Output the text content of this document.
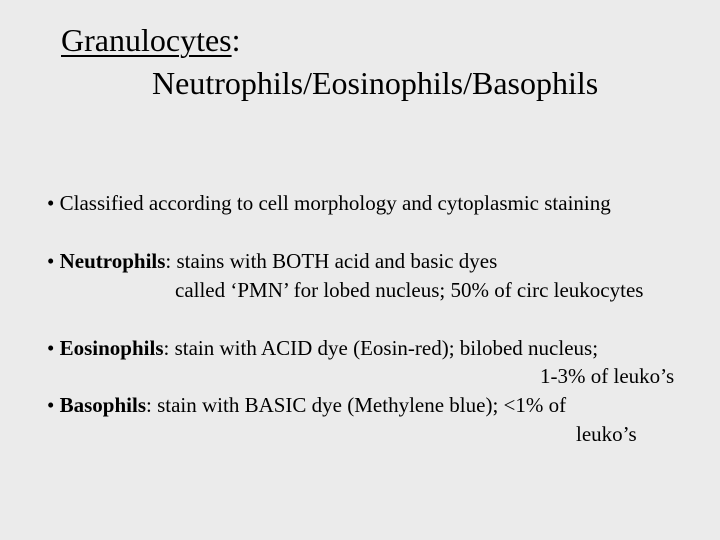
Granulocytes:
Neutrophils/Eosinophils/Basophils
• Classified according to cell morphology and cytoplasmic staining
• Neutrophils: stains with BOTH acid and basic dyes
called ‘PMN’ for lobed nucleus; 50% of circ leukocytes
• Eosinophils: stain with ACID dye (Eosin-red); bilobed nucleus;
1-3% of leuko’s
• Basophils: stain with BASIC dye (Methylene blue); <1% of
leuko’s
